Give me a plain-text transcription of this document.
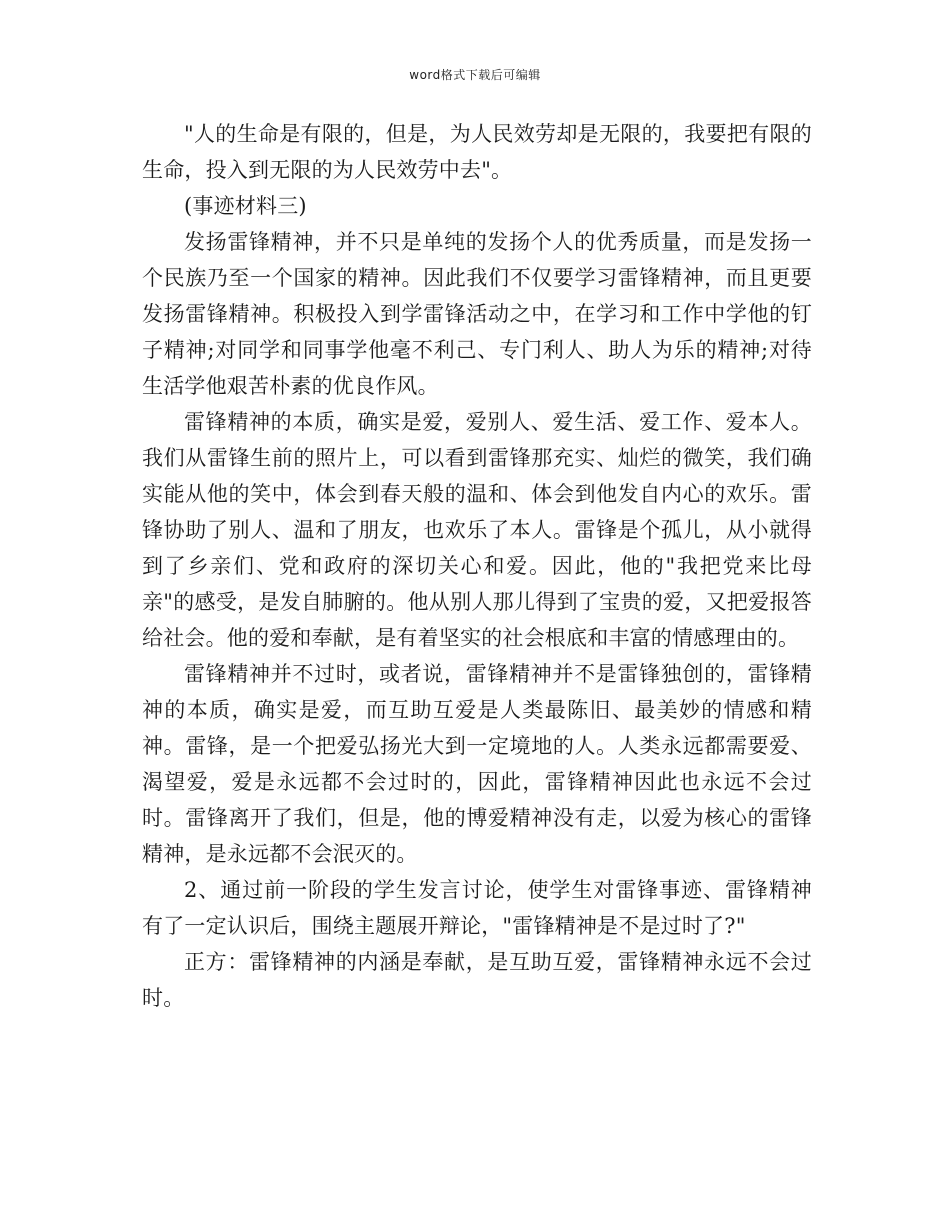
word格式下载后可编辑

"人的生命是有限的，但是，为人民效劳却是无限的，我要把有限的生命，投入到无限的为人民效劳中去"。

(事迹材料三)

发扬雷锋精神，并不只是单纯的发扬个人的优秀质量，而是发扬一个民族乃至一个国家的精神。因此我们不仅要学习雷锋精神，而且更要发扬雷锋精神。积极投入到学雷锋活动之中，在学习和工作中学他的钉子精神;对同学和同事学他毫不利己、专门利人、助人为乐的精神;对待生活学他艰苦朴素的优良作风。

雷锋精神的本质，确实是爱，爱别人、爱生活、爱工作、爱本人。我们从雷锋生前的照片上，可以看到雷锋那充实、灿烂的微笑，我们确实能从他的笑中，体会到春天般的温和、体会到他发自内心的欢乐。雷锋协助了别人、温和了朋友，也欢乐了本人。雷锋是个孤儿，从小就得到了乡亲们、党和政府的深切关心和爱。因此，他的"我把党来比母亲"的感受，是发自肺腑的。他从别人那儿得到了宝贵的爱，又把爱报答给社会。他的爱和奉献，是有着坚实的社会根底和丰富的情感理由的。

雷锋精神并不过时，或者说，雷锋精神并不是雷锋独创的，雷锋精神的本质，确实是爱，而互助互爱是人类最陈旧、最美妙的情感和精神。雷锋，是一个把爱弘扬光大到一定境地的人。人类永远都需要爱、渴望爱，爱是永远都不会过时的，因此，雷锋精神因此也永远不会过时。雷锋离开了我们，但是，他的博爱精神没有走，以爱为核心的雷锋精神，是永远都不会泯灭的。

2、通过前一阶段的学生发言讨论，使学生对雷锋事迹、雷锋精神有了一定认识后，围绕主题展开辩论，"雷锋精神是不是过时了?"

正方：雷锋精神的内涵是奉献，是互助互爱，雷锋精神永远不会过时。
